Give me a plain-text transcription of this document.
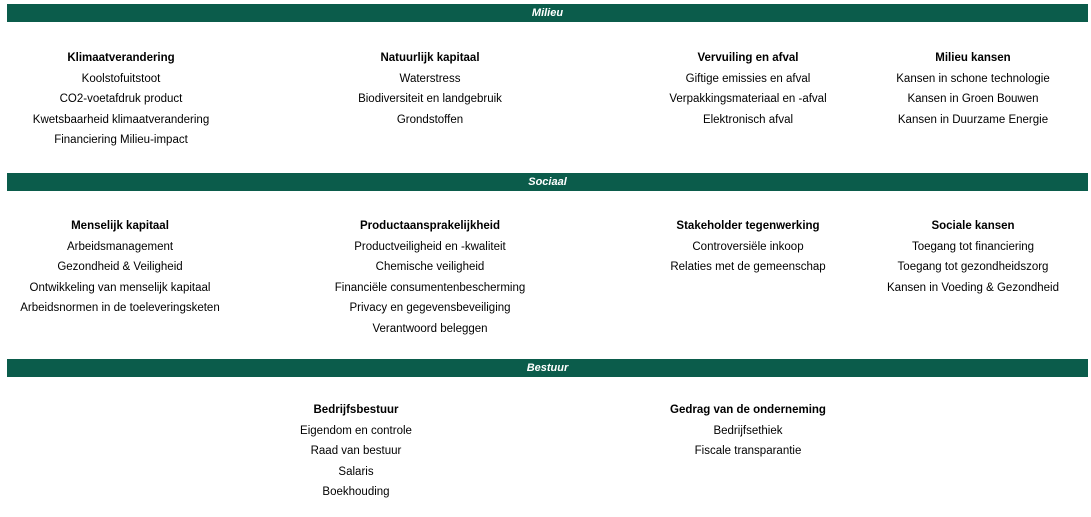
Milieu
Klimaatverandering
Koolstofuitstoot
CO2-voetafdruk product
Kwetsbaarheid klimaatverandering
Financiering Milieu-impact
Natuurlijk kapitaal
Waterstress
Biodiversiteit en landgebruik
Grondstoffen
Vervuiling en afval
Giftige emissies en afval
Verpakkingsmateriaal en -afval
Elektronisch afval
Milieu kansen
Kansen in schone technologie
Kansen in Groen Bouwen
Kansen in Duurzame Energie
Sociaal
Menselijk kapitaal
Arbeidsmanagement
Gezondheid & Veiligheid
Ontwikkeling van menselijk kapitaal
Arbeidsnormen in de toeleveringsketen
Productaansprakelijkheid
Productveiligheid en -kwaliteit
Chemische veiligheid
Financiële consumentenbescherming
Privacy en gegevensbeveiliging
Verantwoord beleggen
Stakeholder tegenwerking
Controversiële inkoop
Relaties met de gemeenschap
Sociale kansen
Toegang tot financiering
Toegang tot gezondheidszorg
Kansen in Voeding & Gezondheid
Bestuur
Bedrijfsbestuur
Eigendom en controle
Raad van bestuur
Salaris
Boekhouding
Gedrag van de onderneming
Bedrijfsethiek
Fiscale transparantie
